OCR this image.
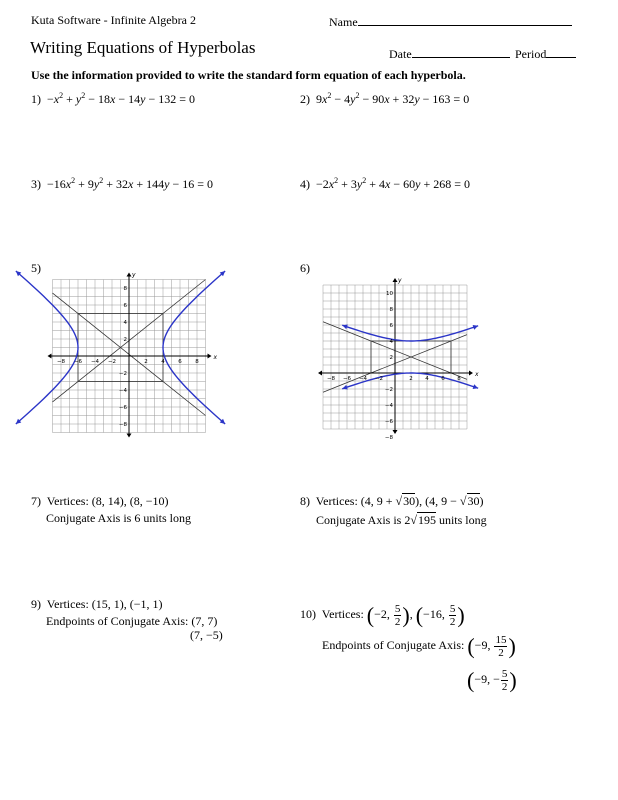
Kuta Software - Infinite Algebra 2	Name
Writing Equations of Hyperbolas	Date	Period
Use the information provided to write the standard form equation of each hyperbola.
$1) -x^2 + y^2 - 18x - 14y - 132 = 0$	2)  $9x^2 - 4y^2 - 90x + 32y - 163 = 0$
$3) -16x^2 + 9y^2 + 32x + 144y - 16 = 0$	$4) -2x^2 + 3y^2 + 4x - 60y + 268 = 0$
5)	6)
x
y
−8 −6 −4 −2	2 4 6 8
8
6
4
2
−2
−4
−6
−8
x
y
−8 −6 −4 −2	2 4 6 8
10
8
6
4
2
−2
−4
−6
−8
7) Vertices: (8, 14), (8, −10)
Conjugate Axis is 6 units long
8) Vertices: (4, 9 + √30), (4, 9 − √30)
Conjugate Axis is 2√195 units long
9) Vertices: (15, 1), (−1, 1)
Endpoints of Conjugate Axis: (7, 7)
(7, −5)
10) Vertices: (−2, $\frac{5}{2}$ ), (−16, $\frac{5}{2}$ )
Endpoints of Conjugate Axis: (−9, $\frac{15}{2}$ )
(−9, − $\frac{5}{2}$ )
